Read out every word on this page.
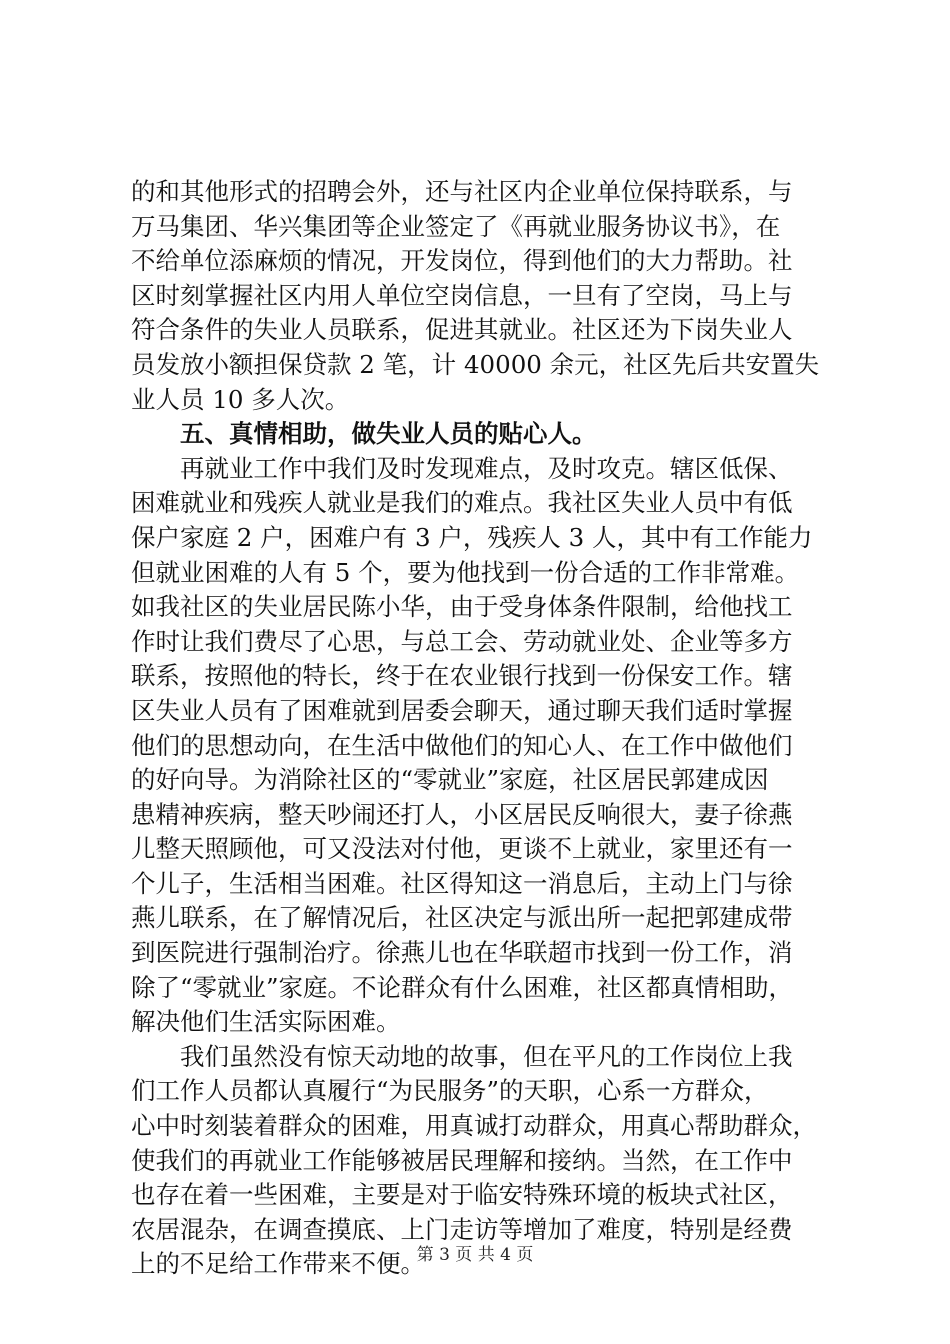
的和其他形式的招聘会外，还与社区内企业单位保持联系，与
万马集团、华兴集团等企业签定了《再就业服务协议书》，在
不给单位添麻烦的情况，开发岗位，得到他们的大力帮助。社
区时刻掌握社区内用人单位空岗信息，一旦有了空岗，马上与
符合条件的失业人员联系，促进其就业。社区还为下岗失业人
员发放小额担保贷款 2 笔，计 40000 余元，社区先后共安置失
业人员 10 多人次。
五、真情相助，做失业人员的贴心人。
再就业工作中我们及时发现难点，及时攻克。辖区低保、
困难就业和残疾人就业是我们的难点。我社区失业人员中有低
保户家庭 2 户，困难户有 3 户，残疾人 3 人，其中有工作能力
但就业困难的人有 5 个，要为他找到一份合适的工作非常难。
如我社区的失业居民陈小华，由于受身体条件限制，给他找工
作时让我们费尽了心思，与总工会、劳动就业处、企业等多方
联系，按照他的特长，终于在农业银行找到一份保安工作。辖
区失业人员有了困难就到居委会聊天，通过聊天我们适时掌握
他们的思想动向，在生活中做他们的知心人、在工作中做他们
的好向导。为消除社区的“零就业”家庭，社区居民郭建成因
患精神疾病，整天吵闹还打人，小区居民反响很大，妻子徐燕
儿整天照顾他，可又没法对付他，更谈不上就业，家里还有一
个儿子，生活相当困难。社区得知这一消息后，主动上门与徐
燕儿联系，在了解情况后，社区决定与派出所一起把郭建成带
到医院进行强制治疗。徐燕儿也在华联超市找到一份工作，消
除了“零就业”家庭。不论群众有什么困难，社区都真情相助，
解决他们生活实际困难。
我们虽然没有惊天动地的故事，但在平凡的工作岗位上我
们工作人员都认真履行“为民服务”的天职，心系一方群众，
心中时刻装着群众的困难，用真诚打动群众，用真心帮助群众，
使我们的再就业工作能够被居民理解和接纳。当然，在工作中
也存在着一些困难，主要是对于临安特殊环境的板块式社区，
农居混杂，在调查摸底、上门走访等增加了难度，特别是经费
上的不足给工作带来不便。
第 3 页 共 4 页
